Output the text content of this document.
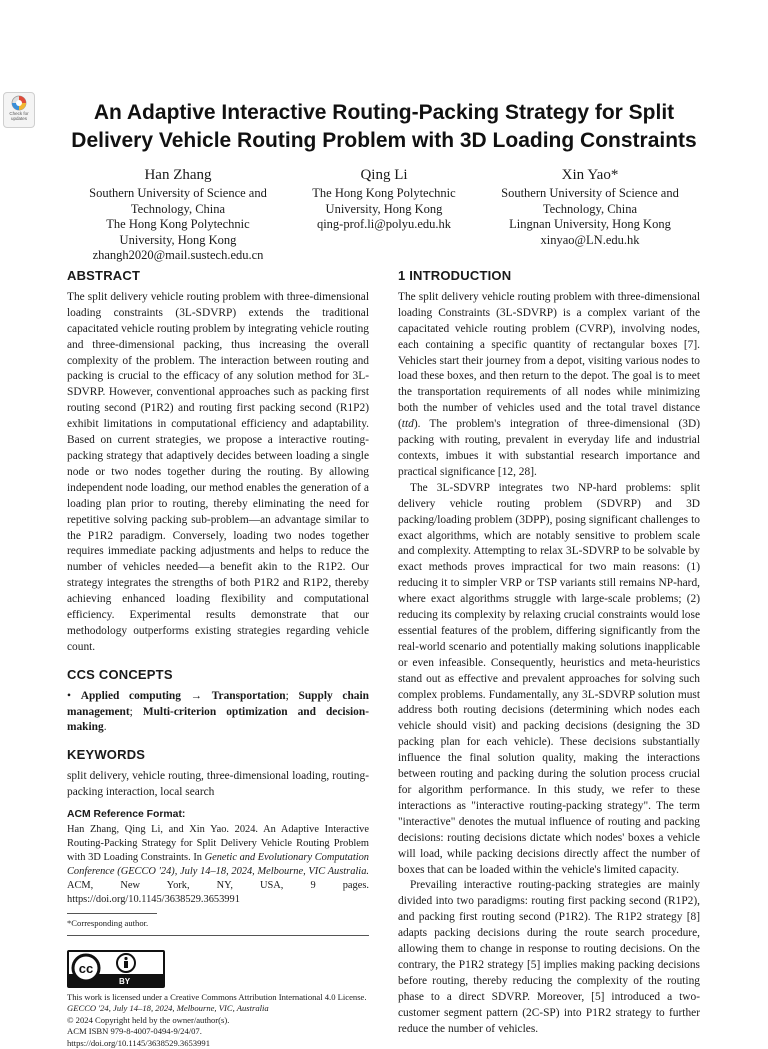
Check for
updates	An Adaptive Interactive Routing-Packing Strategy for Split Delivery Vehicle Routing Problem with 3D Loading Constraints
Han Zhang
Southern University of Science and
Technology, China
The Hong Kong Polytechnic
University, Hong Kong
zhangh2020@mail.sustech.edu.cn
Qing Li
The Hong Kong Polytechnic
University, Hong Kong
qing-prof.li@polyu.edu.hk
Xin Yao*
Southern University of Science and
Technology, China
Lingnan University, Hong Kong
xinyao@LN.edu.hk
ABSTRACT

The split delivery vehicle routing problem with three-dimensional loading constraints (3L-SDVRP) extends the traditional capacitated vehicle routing problem by integrating vehicle routing and three-dimensional packing, thus increasing the overall complexity of the problem. The interaction between routing and packing is crucial to the efficacy of any solution method for 3L-SDVRP. However, conventional approaches such as packing first routing second (P1R2) and routing first packing second (R1P2) exhibit limitations in computational efficiency and adaptability. Based on current strategies, we propose a interactive routing-packing strategy that adaptively decides between loading a single node or two nodes together during the routing. By allowing independent node loading, our method enables the generation of a loading plan prior to routing, thereby eliminating the need for repetitive solving packing sub-problem—an advantage similar to the P1R2 paradigm. Conversely, loading two nodes together requires immediate packing adjustments and helps to reduce the number of vehicles needed—a benefit akin to the R1P2. Our strategy integrates the strengths of both P1R2 and R1P2, thereby achieving enhanced loading flexibility and computational efficiency. Experimental results demonstrate that our methodology outperforms existing strategies regarding vehicle count.

CCS CONCEPTS

• Applied computing → Transportation; Supply chain management; Multi-criterion optimization and decision-making.

KEYWORDS

split delivery, vehicle routing, three-dimensional loading, routing-packing interaction, local search

ACM Reference Format:

Han Zhang, Qing Li, and Xin Yao. 2024. An Adaptive Interactive Routing-Packing Strategy for Split Delivery Vehicle Routing Problem with 3D Loading Constraints. In Genetic and Evolutionary Computation Conference (GECCO '24), July 14–18, 2024, Melbourne, VIC Australia. ACM, New York, NY, USA, 9 pages. https://doi.org/10.1145/3638529.3653991

*Corresponding author.
cc
BY
This work is licensed under a Creative Commons Attribution International 4.0 License.
GECCO '24, July 14–18, 2024, Melbourne, VIC, Australia
© 2024 Copyright held by the owner/author(s).
ACM ISBN 979-8-4007-0494-9/24/07.
https://doi.org/10.1145/3638529.3653991
1 INTRODUCTION

The split delivery vehicle routing problem with three-dimensional loading Constraints (3L-SDVRP) is a complex variant of the capacitated vehicle routing problem (CVRP), involving nodes, each containing a specific quantity of rectangular boxes [7]. Vehicles start their journey from a depot, visiting various nodes to load these boxes, and then return to the depot. The goal is to meet the transportation requirements of all nodes while minimizing both the number of vehicles used and the total travel distance (ttd). The problem's integration of three-dimensional (3D) packing with routing, prevalent in everyday life and industrial contexts, imbues it with substantial research importance and practical significance [12, 28].

The 3L-SDVRP integrates two NP-hard problems: split delivery vehicle routing problem (SDVRP) and 3D packing/loading problem (3DPP), posing significant challenges to exact algorithms, which are notably sensitive to problem scale and complexity. Attempting to relax 3L-SDVRP to be solvable by exact methods proves impractical for two main reasons: (1) reducing it to simpler VRP or TSP variants still remains NP-hard, where exact algorithms struggle with large-scale problems; (2) reducing its complexity by relaxing crucial constraints would lose essential features of the problem, differing significantly from the real-world scenario and potentially making solutions inapplicable or even infeasible. Consequently, heuristics and meta-heuristics stand out as effective and prevalent approaches for solving such complex problems. Fundamentally, any 3L-SDVRP solution must address both routing decisions (determining which nodes each vehicle should visit) and packing decisions (designing the 3D packing plan for each vehicle). These decisions substantially influence the final solution quality, making the interactions between routing and packing during the solution process crucial for algorithm performance. In this study, we refer to these interactions as "interactive routing-packing strategy". The term "interactive" denotes the mutual influence of routing and packing decisions: routing decisions dictate which nodes' boxes a vehicle will load, while packing decisions directly affect the number of boxes that can be loaded within the vehicle's limited capacity.

Prevailing interactive routing-packing strategies are mainly divided into two paradigms: routing first packing second (R1P2), and packing first routing second (P1R2). The R1P2 strategy [8] adapts packing decisions during the route search procedure, allowing them to change in response to routing decisions. On the contrary, the P1R2 strategy [5] implies making packing decisions before routing, thereby reducing the complexity of the routing phase to a direct SDVRP. Moreover, [5] introduced a two-customer segment pattern (2C-SP) into P1R2 strategy to further reduce the number of vehicles.
